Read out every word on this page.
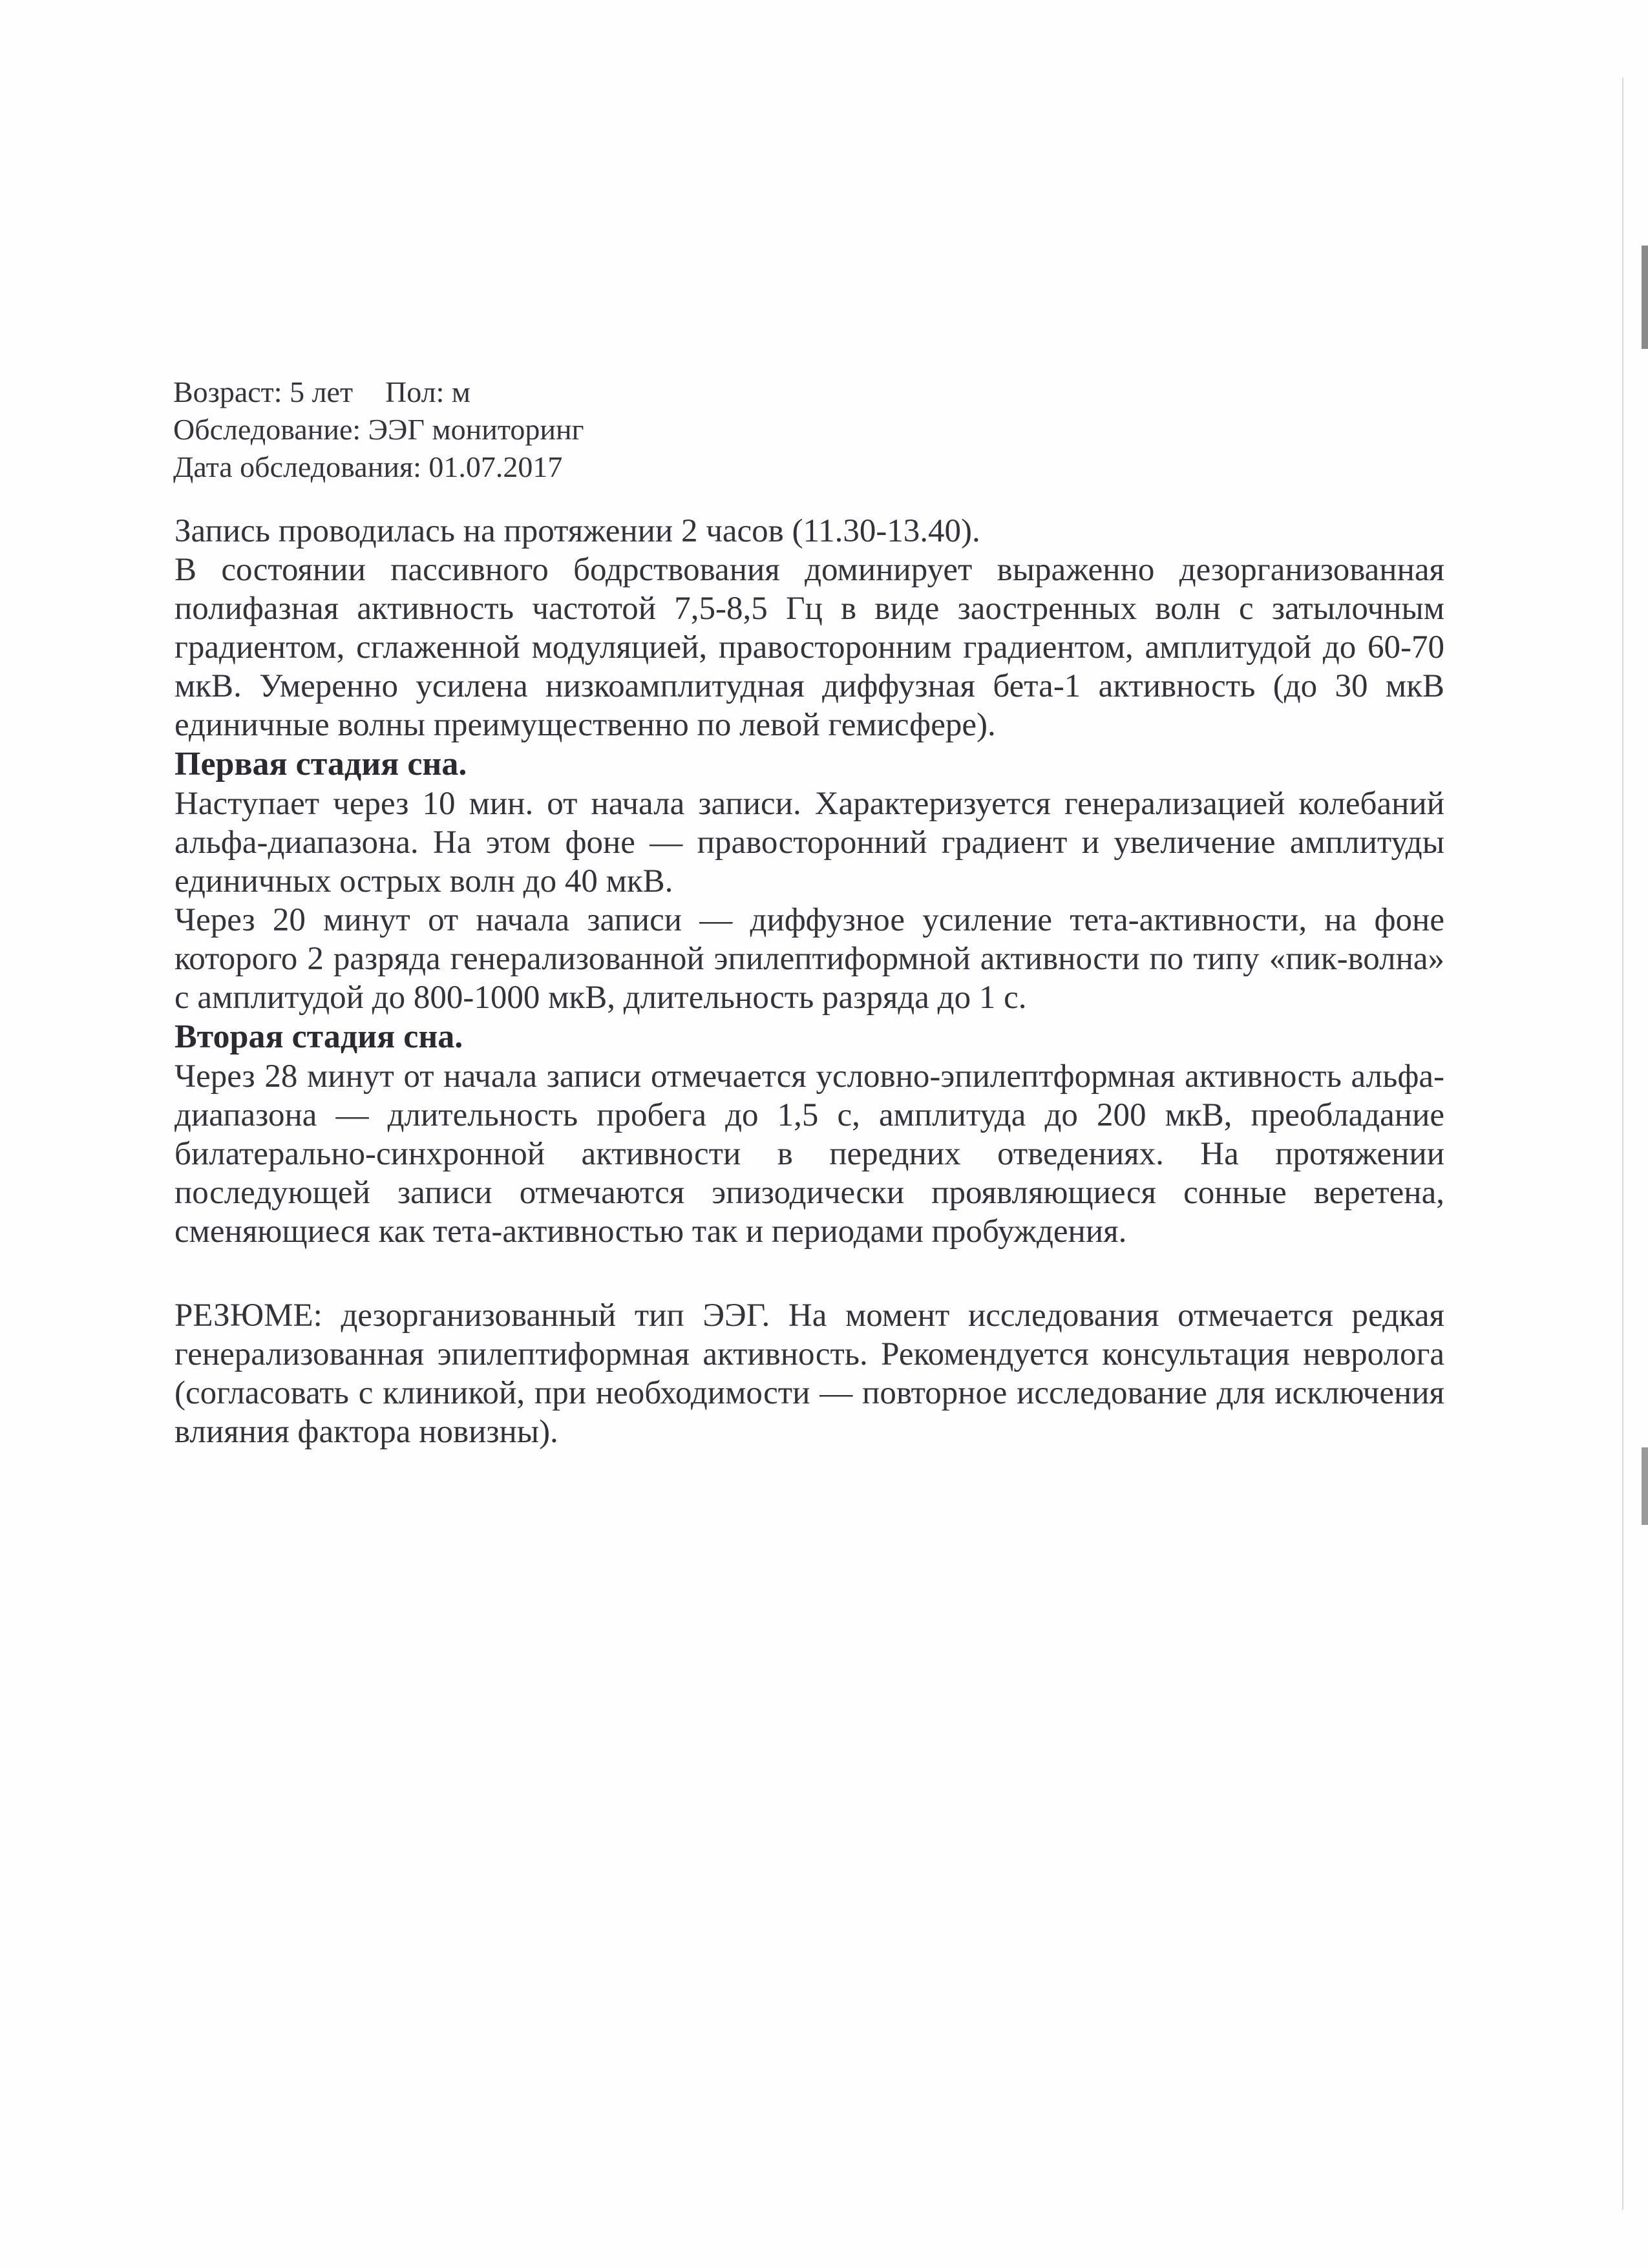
Возраст: 5 лет Пол: м
Обследование: ЭЭГ мониторинг
Дата обследования: 01.07.2017

Запись проводилась на протяжении 2 часов (11.30-13.40).

В состоянии пассивного бодрствования доминирует выраженно дезорганизованная полифазная активность частотой 7,5-8,5 Гц в виде заостренных волн с затылочным градиентом, сглаженной модуляцией, правосторонним градиентом, амплитудой до 60-70 мкВ. Умеренно усилена низкоамплитудная диффузная бета-1 активность (до 30 мкВ единичные волны преимущественно по левой гемисфере).

Первая стадия сна.

Наступает через 10 мин. от начала записи. Характеризуется генерализацией колебаний альфа-диапазона. На этом фоне — правосторонний градиент и увеличение амплитуды единичных острых волн до 40 мкВ.

Через 20 минут от начала записи — диффузное усиление тета-активности, на фоне которого 2 разряда генерализованной эпилептиформной активности по типу «пик-волна» с амплитудой до 800-1000 мкВ, длительность разряда до 1 с.

Вторая стадия сна.

Через 28 минут от начала записи отмечается условно-эпилептформная активность альфа-диапазона — длительность пробега до 1,5 с, амплитуда до 200 мкВ, преобладание билатерально-синхронной активности в передних отведениях. На протяжении последующей записи отмечаются эпизодически проявляющиеся сонные веретена, сменяющиеся как тета-активностью так и периодами пробуждения.

РЕЗЮМЕ: дезорганизованный тип ЭЭГ. На момент исследования отмечается редкая генерализованная эпилептиформная активность. Рекомендуется консультация невролога (согласовать с клиникой, при необходимости — повторное исследование для исключения влияния фактора новизны).
